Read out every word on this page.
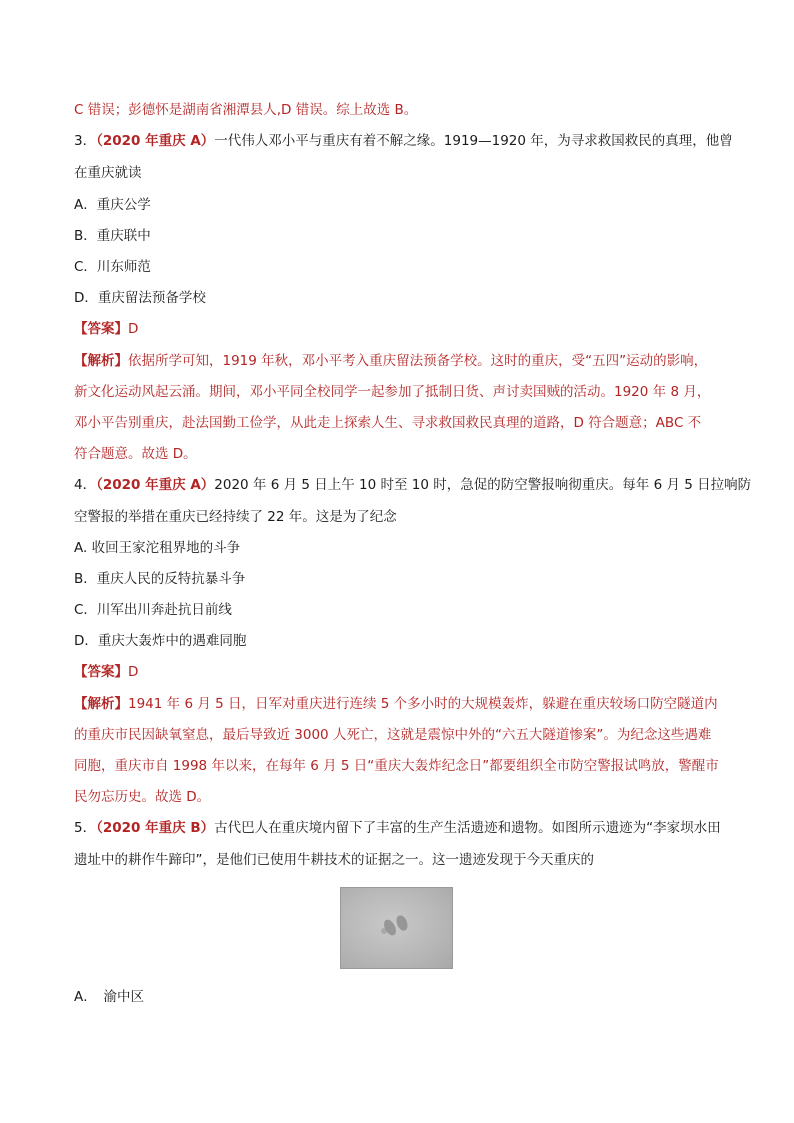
C 错误；彭德怀是湖南省湘潭县人,D 错误。综上故选 B。
3．（2020 年重庆 A）一代伟人邓小平与重庆有着不解之缘。1919—1920 年，为寻求救国救民的真理，他曾
在重庆就读
A．重庆公学
B．重庆联中
C．川东师范
D．重庆留法预备学校
【答案】D
【解析】依据所学可知，1919 年秋，邓小平考入重庆留法预备学校。这时的重庆，受“五四”运动的影响，
新文化运动风起云涌。期间，邓小平同全校同学一起参加了抵制日货、声讨卖国贼的活动。1920 年 8 月，
邓小平告别重庆，赴法国勤工俭学，从此走上探索人生、寻求救国救民真理的道路，D 符合题意；ABC 不
符合题意。故选 D。
4．（2020 年重庆 A）2020 年 6 月 5 日上午 10 时至 10 时，急促的防空警报响彻重庆。每年 6 月 5 日拉响防
空警报的举措在重庆已经持续了 22 年。这是为了纪念
A. 收回王家沱租界地的斗争
B．重庆人民的反特抗暴斗争
C．川军出川奔赴抗日前线
D．重庆大轰炸中的遇难同胞
【答案】D
【解析】1941 年 6 月 5 日，日军对重庆进行连续 5 个多小时的大规模轰炸，躲避在重庆较场口防空隧道内
的重庆市民因缺氧窒息，最后导致近 3000 人死亡，这就是震惊中外的“六五大隧道惨案”。为纪念这些遇难
同胞，重庆市自 1998 年以来，在每年 6 月 5 日“重庆大轰炸纪念日”都要组织全市防空警报试鸣放，警醒市
民勿忘历史。故选 D。
5．（2020 年重庆 B）古代巴人在重庆境内留下了丰富的生产生活遗迹和遗物。如图所示遗迹为“李家坝水田
遗址中的耕作牛蹄印”，是他们已使用牛耕技术的证据之一。这一遗迹发现于今天重庆的
A．　渝中区
